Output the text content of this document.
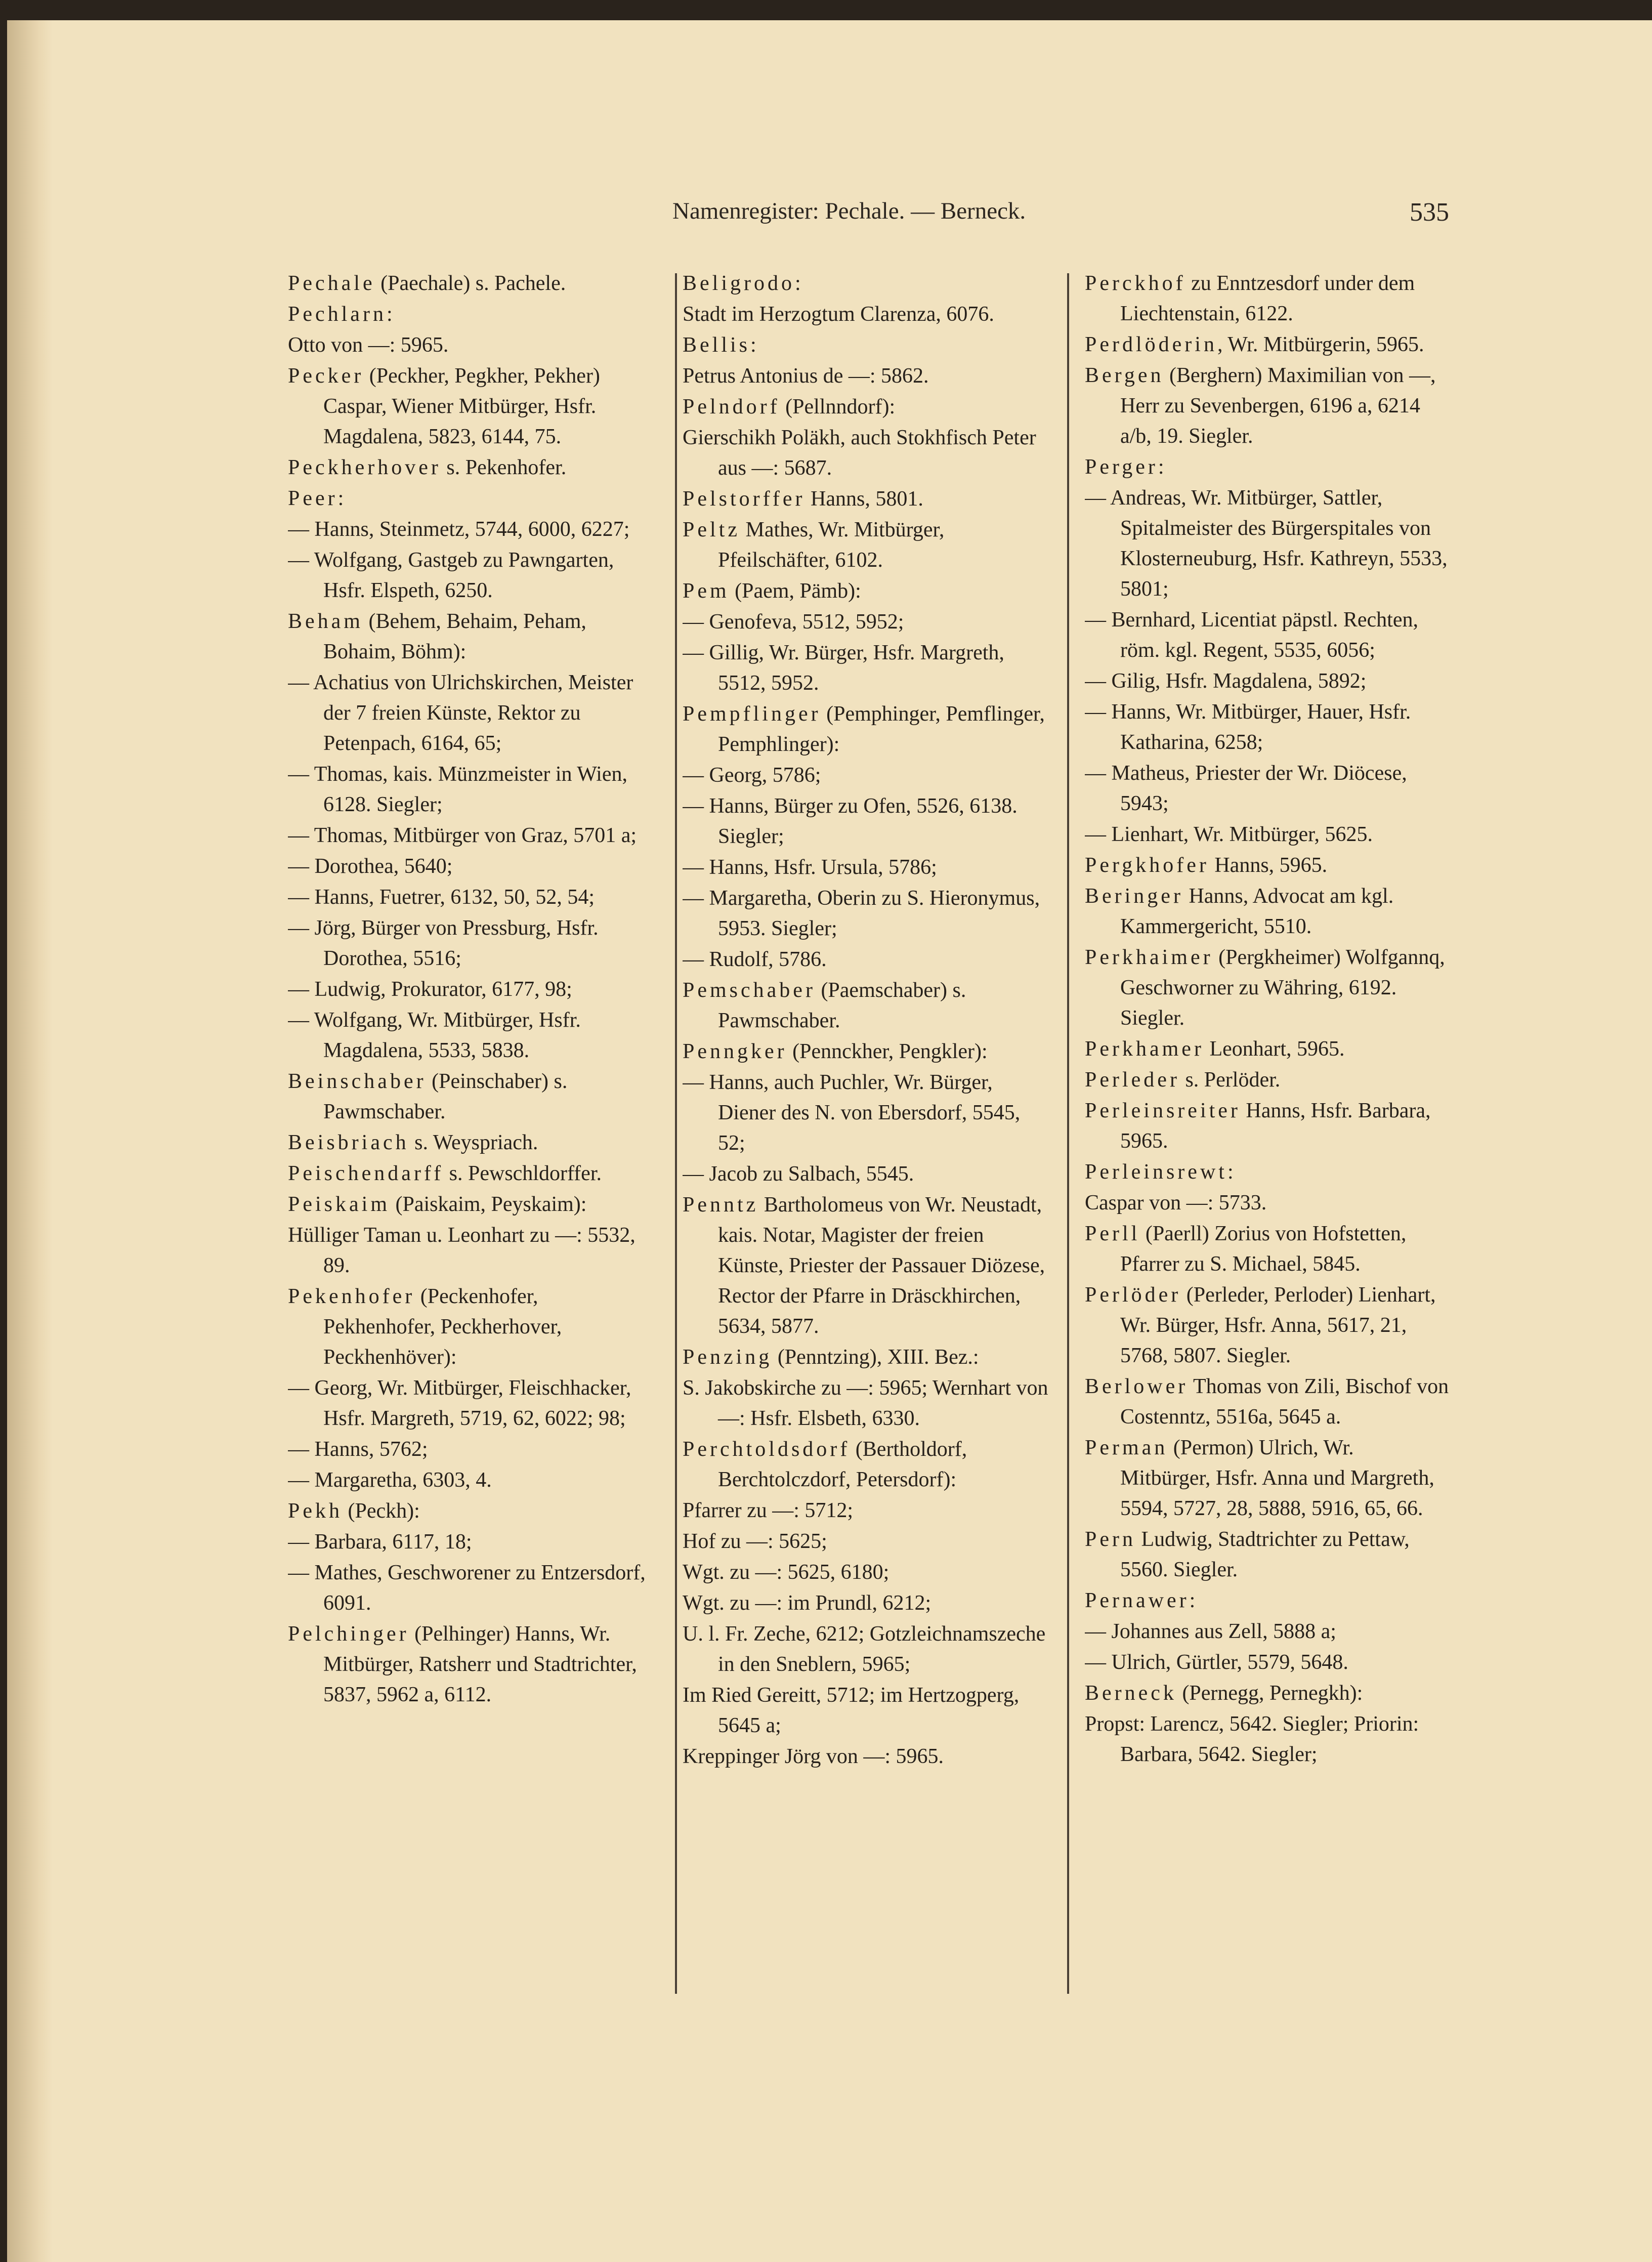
Namenregister: Pechale. — Berneck.	535
Pechale (Paechale) s. Pachele.
Pechlarn:
Otto von —: 5965.
Pecker (Peckher, Pegkher, Pekher) Caspar, Wiener Mitbürger, Hsfr. Magdalena, 5823, 6144, 75.
Peckherhover s. Pekenhofer.
Peer:
— Hanns, Steinmetz, 5744, 6000, 6227;
— Wolfgang, Gastgeb zu Pawngarten, Hsfr. Elspeth, 6250.
Beham (Behem, Behaim, Peham, Bohaim, Böhm):
— Achatius von Ulrichskirchen, Meister der 7 freien Künste, Rektor zu Petenpach, 6164, 65;
— Thomas, kais. Münzmeister in Wien, 6128. Siegler;
— Thomas, Mitbürger von Graz, 5701 a;
— Dorothea, 5640;
— Hanns, Fuetrer, 6132, 50, 52, 54;
— Jörg, Bürger von Pressburg, Hsfr. Dorothea, 5516;
— Ludwig, Prokurator, 6177, 98;
— Wolfgang, Wr. Mitbürger, Hsfr. Magdalena, 5533, 5838.
Beinschaber (Peinschaber) s. Pawmschaber.
Beisbriach s. Weyspriach.
Peischendarff s. Pewschldorffer.
Peiskaim (Paiskaim, Peyskaim):
Hülliger Taman u. Leonhart zu —: 5532, 89.
Pekenhofer (Peckenhofer, Pekhenhofer, Peckherhover, Peckhenhöver):
— Georg, Wr. Mitbürger, Fleischhacker, Hsfr. Margreth, 5719, 62, 6022; 98;
— Hanns, 5762;
— Margaretha, 6303, 4.
Pekh (Peckh):
— Barbara, 6117, 18;
— Mathes, Geschworener zu Entzersdorf, 6091.
Pelchinger (Pelhinger) Hanns, Wr. Mitbürger, Ratsherr und Stadtrichter, 5837, 5962 a, 6112.
Beligrodo:
Stadt im Herzogtum Clarenza, 6076.
Bellis:
Petrus Antonius de —: 5862.
Pelndorf (Pellnndorf):
Gierschikh Poläkh, auch Stokhfisch Peter aus —: 5687.
Pelstorffer Hanns, 5801.
Peltz Mathes, Wr. Mitbürger, Pfeilschäfter, 6102.
Pem (Paem, Pämb):
— Genofeva, 5512, 5952;
— Gillig, Wr. Bürger, Hsfr. Margreth, 5512, 5952.
Pempflinger (Pemphinger, Pemflinger, Pemphlinger):
— Georg, 5786;
— Hanns, Bürger zu Ofen, 5526, 6138. Siegler;
— Hanns, Hsfr. Ursula, 5786;
— Margaretha, Oberin zu S. Hieronymus, 5953. Siegler;
— Rudolf, 5786.
Pemschaber (Paemschaber) s. Pawmschaber.
Penngker (Pennckher, Pengkler):
— Hanns, auch Puchler, Wr. Bürger, Diener des N. von Ebersdorf, 5545, 52;
— Jacob zu Salbach, 5545.
Penntz Bartholomeus von Wr. Neustadt, kais. Notar, Magister der freien Künste, Priester der Passauer Diözese, Rector der Pfarre in Dräsckhirchen, 5634, 5877.
Penzing (Penntzing), XIII. Bez.:
S. Jakobskirche zu —: 5965; Wernhart von —: Hsfr. Elsbeth, 6330.
Perchtoldsdorf (Bertholdorf, Berchtolczdorf, Petersdorf):
Pfarrer zu —: 5712;
Hof zu —: 5625;
Wgt. zu —: 5625, 6180;
Wgt. zu —: im Prundl, 6212;
U. l. Fr. Zeche, 6212; Gotzleichnamszeche in den Sneblern, 5965;
Im Ried Gereitt, 5712; im Hertzogperg, 5645 a;
Kreppinger Jörg von —: 5965.
Perckhof zu Enntzesdorf under dem Liechtenstain, 6122.
Perdlöderin, Wr. Mitbürgerin, 5965.
Bergen (Berghern) Maximilian von —, Herr zu Sevenbergen, 6196 a, 6214 a/b, 19. Siegler.
Perger:
— Andreas, Wr. Mitbürger, Sattler, Spitalmeister des Bürgerspitales von Klosterneuburg, Hsfr. Kathreyn, 5533, 5801;
— Bernhard, Licentiat päpstl. Rechten, röm. kgl. Regent, 5535, 6056;
— Gilig, Hsfr. Magdalena, 5892;
— Hanns, Wr. Mitbürger, Hauer, Hsfr. Katharina, 6258;
— Matheus, Priester der Wr. Diöcese, 5943;
— Lienhart, Wr. Mitbürger, 5625.
Pergkhofer Hanns, 5965.
Beringer Hanns, Advocat am kgl. Kammergericht, 5510.
Perkhaimer (Pergkheimer) Wolfgannq, Geschworner zu Währing, 6192. Siegler.
Perkhamer Leonhart, 5965.
Perleder s. Perlöder.
Perleinsreiter Hanns, Hsfr. Barbara, 5965.
Perleinsrewt:
Caspar von —: 5733.
Perll (Paerll) Zorius von Hofstetten, Pfarrer zu S. Michael, 5845.
Perlöder (Perleder, Perloder) Lienhart, Wr. Bürger, Hsfr. Anna, 5617, 21, 5768, 5807. Siegler.
Berlower Thomas von Zili, Bischof von Costenntz, 5516a, 5645 a.
Perman (Permon) Ulrich, Wr. Mitbürger, Hsfr. Anna und Margreth, 5594, 5727, 28, 5888, 5916, 65, 66.
Pern Ludwig, Stadtrichter zu Pettaw, 5560. Siegler.
Pernawer:
— Johannes aus Zell, 5888 a;
— Ulrich, Gürtler, 5579, 5648.
Berneck (Pernegg, Pernegkh):
Propst: Larencz, 5642. Siegler; Priorin: Barbara, 5642. Siegler;
